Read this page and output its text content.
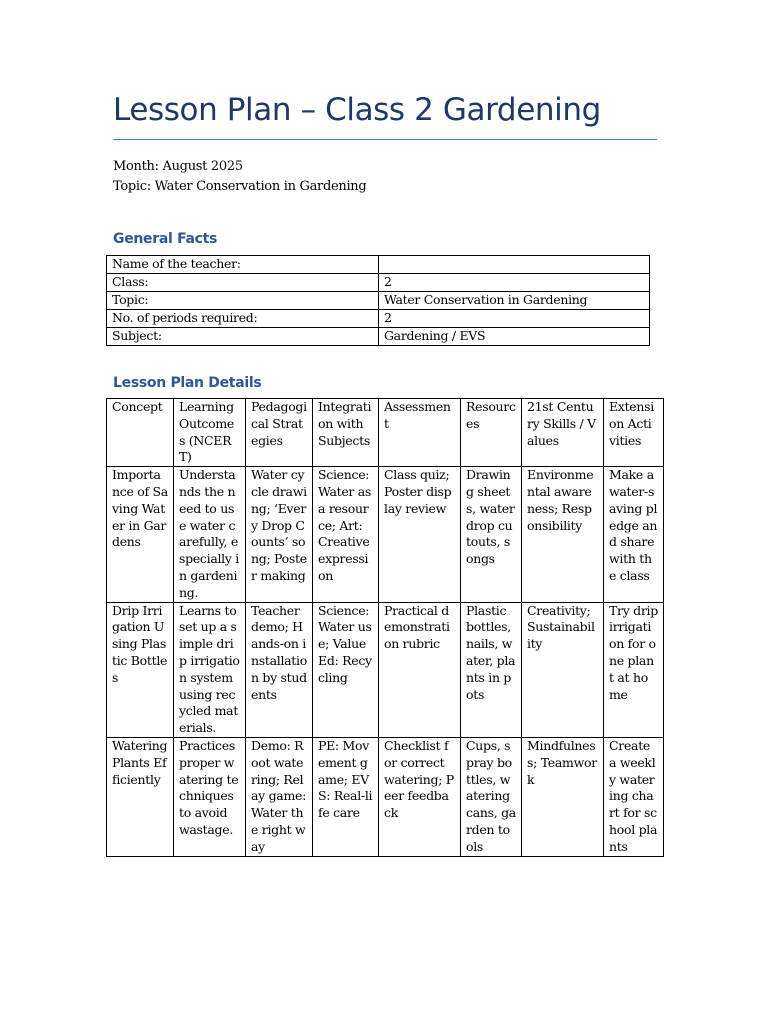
Lesson Plan – Class 2 Gardening
Month: August 2025
Topic: Water Conservation in Gardening
General Facts
Name of the teacher:	
Class:	2
Topic:	Water Conservation in Gardening
No. of periods required:	2
Subject:	Gardening / EVS
Lesson Plan Details
Concept	Learning Outcomes (NCERT)	Pedagogical Strategies	Integration with Subjects	Assessment	Resources	21st Century Skills / Values	Extension Activities
Importance of Saving Water in Gardens	Understands the need to use water carefully, especially in gardening.	Water cycle drawing; ‘Every Drop Counts’ song; Poster making	Science: Water as a resource; Art: Creative expression	Class quiz; Poster display review	Drawing sheets, water drop cutouts, songs	Environmental awareness; Responsibility	Make a water-saving pledge and share with the class
Drip Irrigation Using Plastic Bottles	Learns to set up a simple drip irrigation system using recycled materials.	Teacher demo; Hands-on installation by students	Science: Water use; Value Ed: Recycling	Practical demonstration rubric	Plastic bottles, nails, water, plants in pots	Creativity; Sustainability	Try drip irrigation for one plant at home
Watering Plants Efficiently	Practices proper watering techniques to avoid wastage.	Demo: Root watering; Relay game: Water the right way	PE: Movement game; EVS: Real-life care	Checklist for correct watering; Peer feedback	Cups, spray bottles, watering cans, garden tools	Mindfulness; Teamwork	Create a weekly watering chart for school plants
